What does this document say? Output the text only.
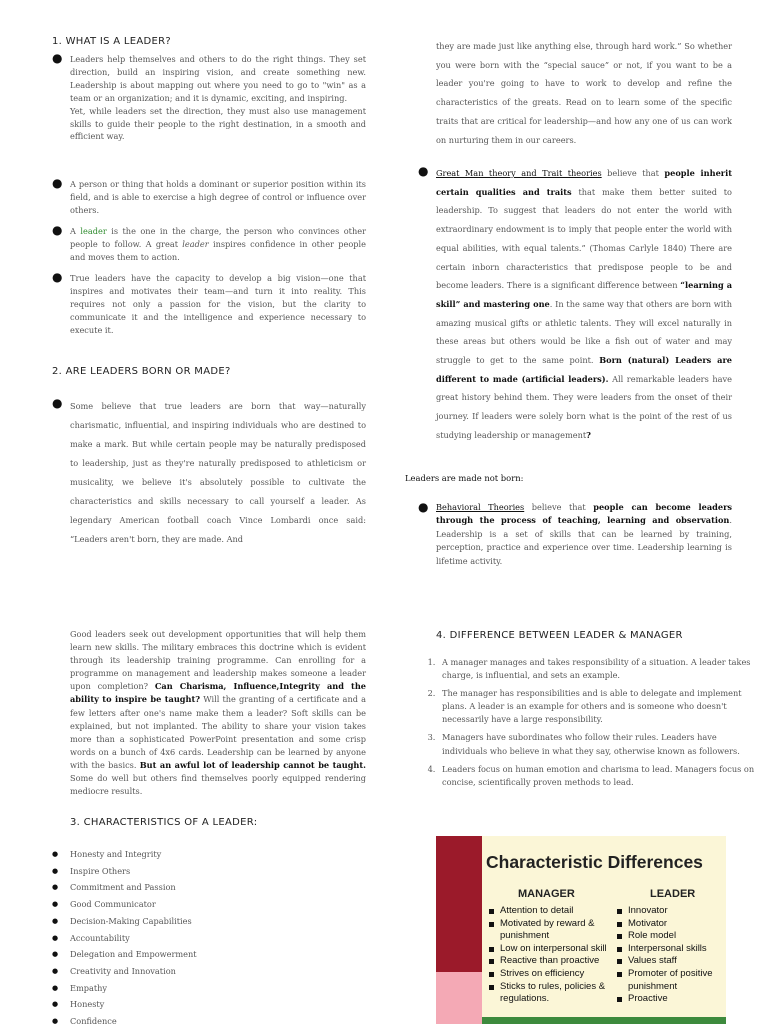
1. WHAT IS A LEADER?
● Leaders help themselves and others to do the right things. They set direction, build an inspiring vision, and create something new. Leadership is about mapping out where you need to go to "win" as a team or an organization; and it is dynamic, exciting, and inspiring.
Yet, while leaders set the direction, they must also use management skills to guide their people to the right destination, in a smooth and efficient way.
● A person or thing that holds a dominant or superior position within its field, and is able to exercise a high degree of control or influence over others.
● A leader is the one in the charge, the person who convinces other people to follow. A great leader inspires confidence in other people and moves them to action.
● True leaders have the capacity to develop a big vision—one that inspires and motivates their team—and turn it into reality. This requires not only a passion for the vision, but the clarity to communicate it and the intelligence and experience necessary to execute it.
2. ARE LEADERS BORN OR MADE?
● Some believe that true leaders are born that way—naturally charismatic, influential, and inspiring individuals who are destined to make a mark. But while certain people may be naturally predisposed to leadership, just as they're naturally predisposed to athleticism or musicality, we believe it's absolutely possible to cultivate the characteristics and skills necessary to call yourself a leader. As legendary American football coach Vince Lombardi once said: “Leaders aren't born, they are made. And
they are made just like anything else, through hard work.” So whether you were born with the “special sauce” or not, if you want to be a leader you're going to have to work to develop and refine the characteristics of the greats. Read on to learn some of the specific traits that are critical for leadership—and how any one of us can work on nurturing them in our careers.
● Great Man theory and Trait theories believe that people inherit certain qualities and traits that make them better suited to leadership. To suggest that leaders do not enter the world with extraordinary endowment is to imply that people enter the world with equal abilities, with equal talents.” (Thomas Carlyle 1840) There are certain inborn characteristics that predispose people to be and become leaders. There is a significant difference between “learning a skill” and mastering one. In the same way that others are born with amazing musical gifts or athletic talents. They will excel naturally in these areas but others would be like a fish out of water and may struggle to get to the same point. Born (natural) Leaders are different to made (artificial leaders). All remarkable leaders have great history behind them. They were leaders from the onset of their journey. If leaders were solely born what is the point of the rest of us studying leadership or management?
Leaders are made not born:
● Behavioral Theories believe that people can become leaders through the process of teaching, learning and observation. Leadership is a set of skills that can be learned by training, perception, practice and experience over time. Leadership learning is lifetime activity.
Good leaders seek out development opportunities that will help them learn new skills. The military embraces this doctrine which is evident through its leadership training programme. Can enrolling for a programme on management and leadership makes someone a leader upon completion? Can Charisma, Influence,Integrity and the ability to inspire be taught? Will the granting of a certificate and a few letters after one's name make them a leader? Soft skills can be explained, but not implanted. The ability to share your vision takes more than a sophisticated PowerPoint presentation and some crisp words on a bunch of 4x6 cards. Leadership can be learned by anyone with the basics. But an awful lot of leadership cannot be taught. Some do well but others find themselves poorly equipped rendering mediocre results.
3. CHARACTERISTICS OF A LEADER:
● Honesty and Integrity
● Inspire Others
● Commitment and Passion
● Good Communicator
● Decision-Making Capabilities
● Accountability
● Delegation and Empowerment
● Creativity and Innovation
● Empathy
● Honesty
● Confidence
4. DIFFERENCE BETWEEN LEADER & MANAGER
1. A manager manages and takes responsibility of a situation. A leader takes charge, is influential, and sets an example.
2. The manager has responsibilities and is able to delegate and implement plans. A leader is an example for others and is someone who doesn't necessarily have a large responsibility.
3. Managers have subordinates who follow their rules. Leaders have individuals who believe in what they say, otherwise known as followers.
4. Leaders focus on human emotion and charisma to lead. Managers focus on concise, scientifically proven methods to lead.
Characteristic Differences
MANAGER	LEADER
Attention to detail
Motivated by reward & punishment
Low on interpersonal skill
Reactive than proactive
Strives on efficiency
Sticks to rules, policies & regulations.
Innovator
Motivator
Role model
Interpersonal skills
Values staff
Promoter of positive punishment
Proactive
